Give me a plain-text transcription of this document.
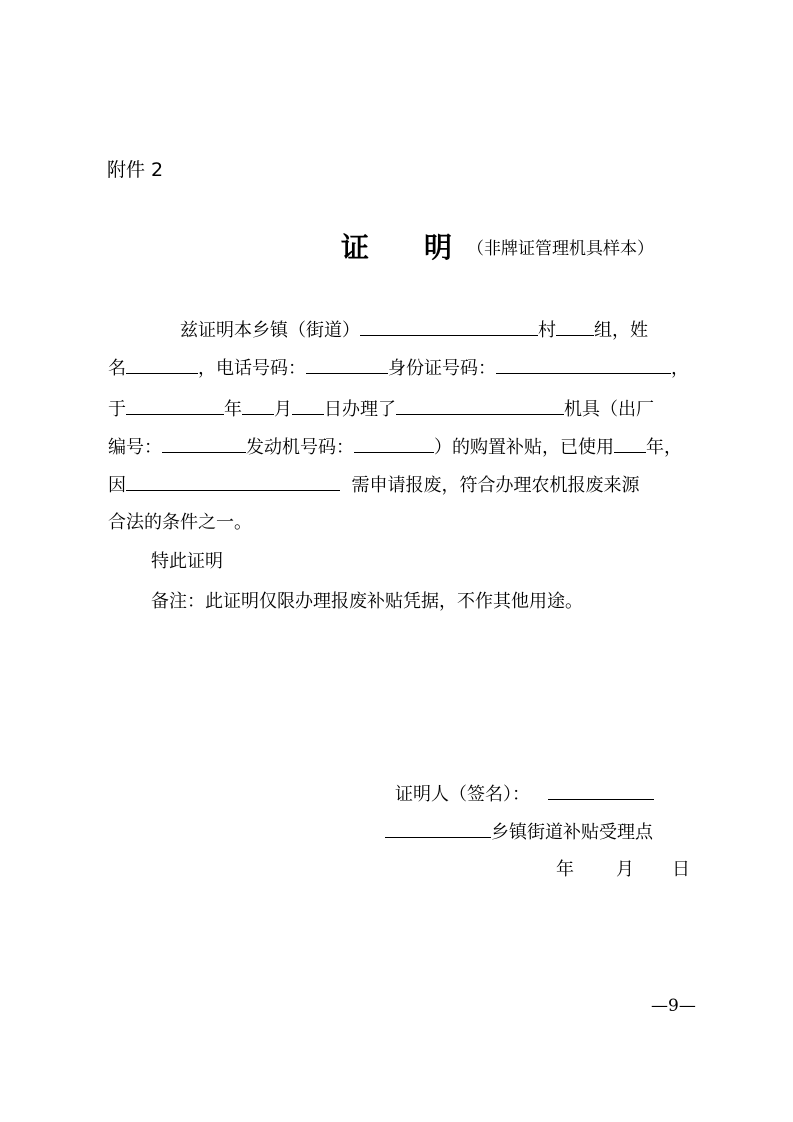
附件 2
证明
（非牌证管理机具样本）
兹证明本乡镇（街道）	村 组，姓
名	，电话号码：	身份证号码：	，
于	年 月 日办理了	机具（出厂
编号：	发动机号码：	）的购置补贴，已使用 年，
因	需申请报废，符合办理农机报废来源
合法的条件之一。
特此证明
备注：此证明仅限办理报废补贴凭据，不作其他用途。
证明人（签名）：
乡镇街道补贴受理点
年 月 日
—9—
